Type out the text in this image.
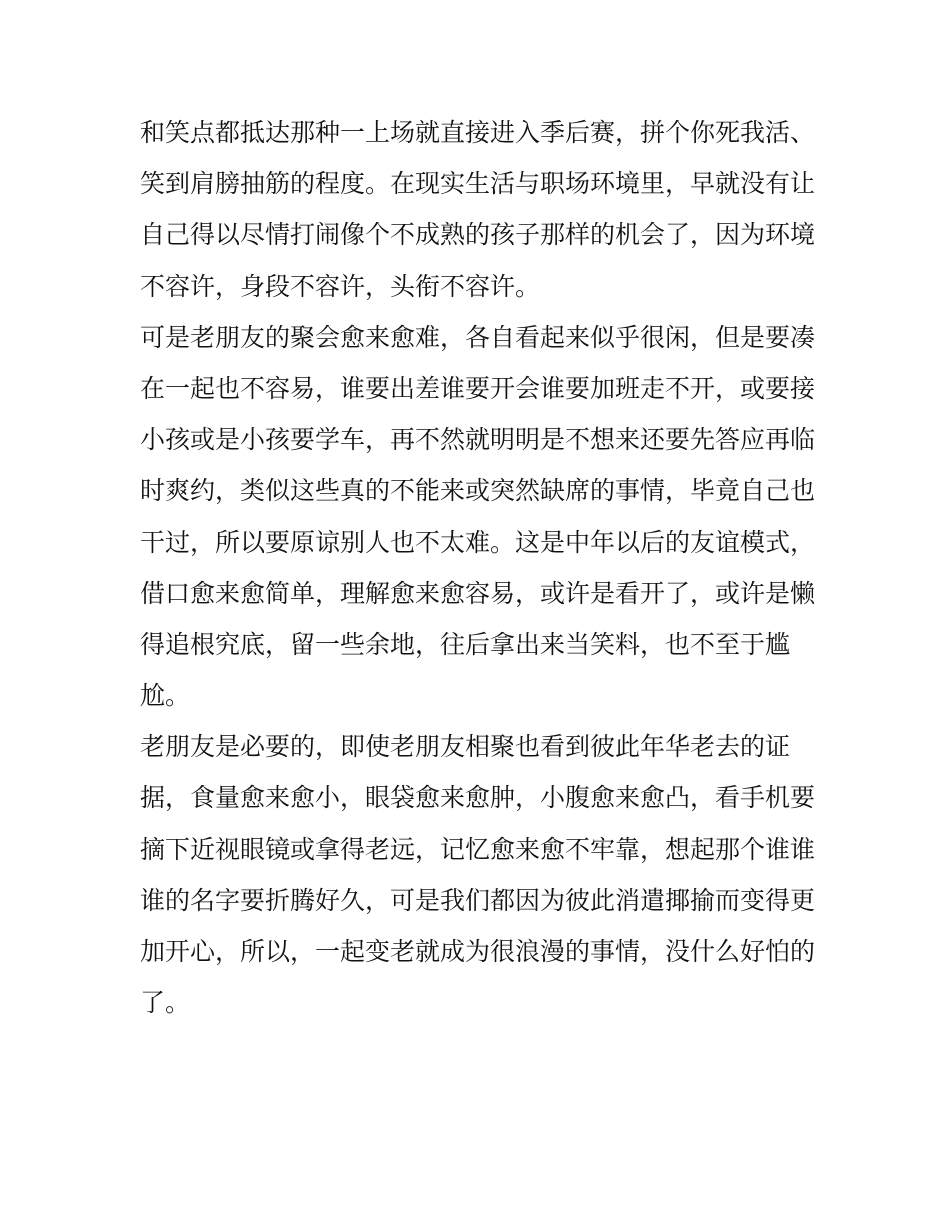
和笑点都抵达那种一上场就直接进入季后赛，拼个你死我活、
笑到肩膀抽筋的程度。在现实生活与职场环境里，早就没有让
自己得以尽情打闹像个不成熟的孩子那样的机会了，因为环境
不容许，身段不容许，头衔不容许。
可是老朋友的聚会愈来愈难，各自看起来似乎很闲，但是要凑
在一起也不容易，谁要出差谁要开会谁要加班走不开，或要接
小孩或是小孩要学车，再不然就明明是不想来还要先答应再临
时爽约，类似这些真的不能来或突然缺席的事情，毕竟自己也
干过，所以要原谅别人也不太难。这是中年以后的友谊模式，
借口愈来愈简单，理解愈来愈容易，或许是看开了，或许是懒
得追根究底，留一些余地，往后拿出来当笑料，也不至于尴
尬。
老朋友是必要的，即使老朋友相聚也看到彼此年华老去的证
据，食量愈来愈小，眼袋愈来愈肿，小腹愈来愈凸，看手机要
摘下近视眼镜或拿得老远，记忆愈来愈不牢靠，想起那个谁谁
谁的名字要折腾好久，可是我们都因为彼此消遣揶揄而变得更
加开心，所以，一起变老就成为很浪漫的事情，没什么好怕的
了。
